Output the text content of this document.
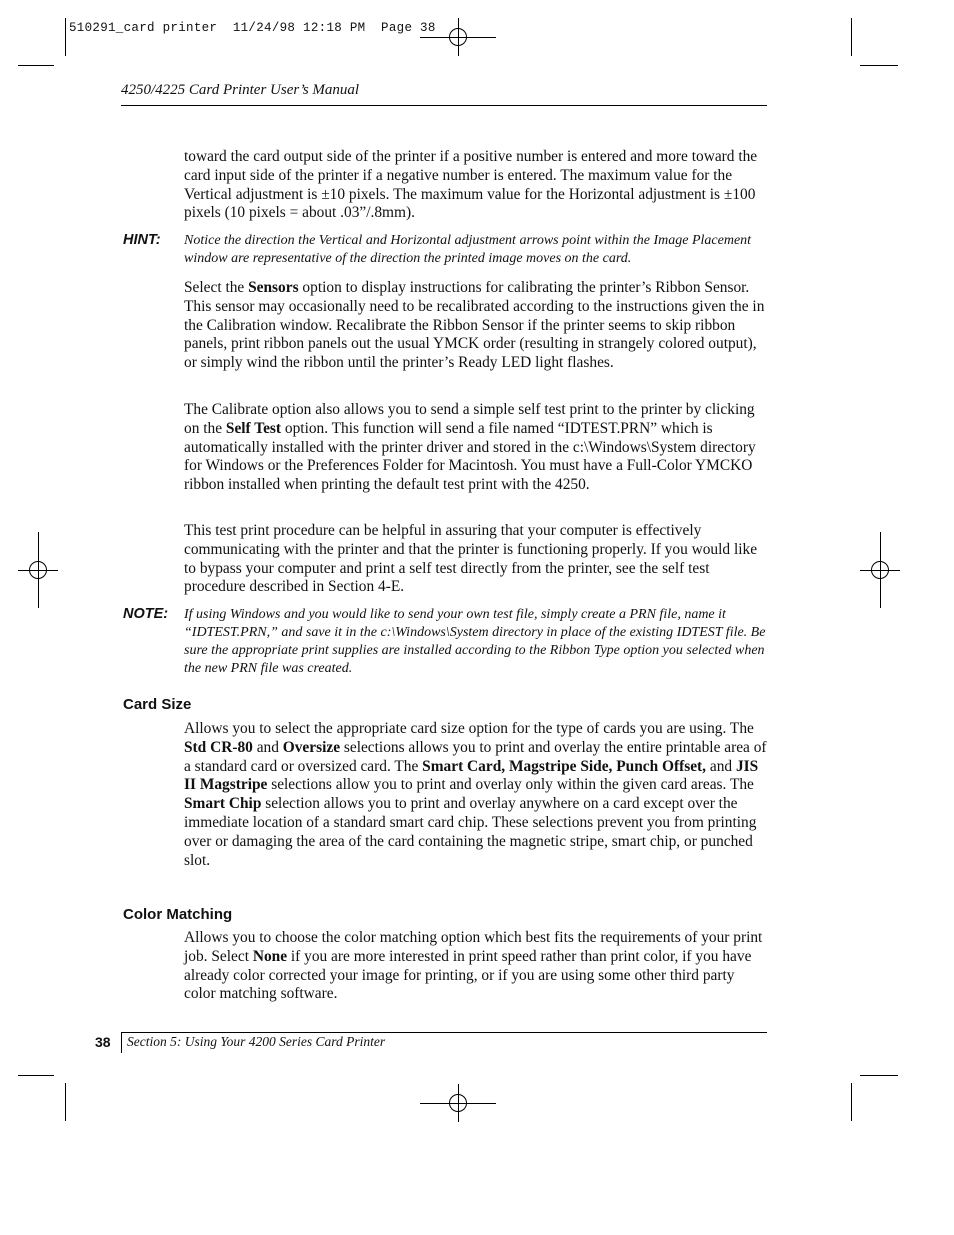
510291_card printer  11/24/98 12:18 PM  Page 38
4250/4225 Card Printer User’s Manual

toward the card output side of the printer if a positive number is entered and more toward the card input side of the printer if a negative number is entered. The maximum value for the Vertical adjustment is ±10 pixels. The maximum value for the Horizontal adjustment is ±100 pixels (10 pixels = about .03”/.8mm).

HINT: Notice the direction the Vertical and Horizontal adjustment arrows point within the Image Placement window are representative of the direction the printed image moves on the card.

Select the Sensors option to display instructions for calibrating the printer’s Ribbon Sensor. This sensor may occasionally need to be recalibrated according to the instructions given the in the Calibration window. Recalibrate the Ribbon Sensor if the printer seems to skip ribbon panels, print ribbon panels out the usual YMCK order (resulting in strangely colored output), or simply wind the ribbon until the printer’s Ready LED light flashes.

The Calibrate option also allows you to send a simple self test print to the printer by clicking on the Self Test option. This function will send a file named “IDTEST.PRN” which is automatically installed with the printer driver and stored in the c:\Windows\System directory for Windows or the Preferences Folder for Macintosh. You must have a Full-Color YMCKO ribbon installed when printing the default test print with the 4250.

This test print procedure can be helpful in assuring that your computer is effectively communicating with the printer and that the printer is functioning properly. If you would like to bypass your computer and print a self test directly from the printer, see the self test procedure described in Section 4-E.

NOTE: If using Windows and you would like to send your own test file, simply create a PRN file, name it “IDTEST.PRN,” and save it in the c:\Windows\System directory in place of the existing IDTEST file. Be sure the appropriate print supplies are installed according to the Ribbon Type option you selected when the new PRN file was created.

Card Size

Allows you to select the appropriate card size option for the type of cards you are using. The Std CR-80 and Oversize selections allows you to print and overlay the entire printable area of a standard card or oversized card. The Smart Card, Magstripe Side, Punch Offset, and JIS II Magstripe selections allow you to print and overlay only within the given card areas. The Smart Chip selection allows you to print and overlay anywhere on a card except over the immediate location of a standard smart card chip. These selections prevent you from printing over or damaging the area of the card containing the magnetic stripe, smart chip, or punched slot.

Color Matching

Allows you to choose the color matching option which best fits the requirements of your print job. Select None if you are more interested in print speed rather than print color, if you have already color corrected your image for printing, or if you are using some other third party color matching software.

38 Section 5: Using Your 4200 Series Card Printer
